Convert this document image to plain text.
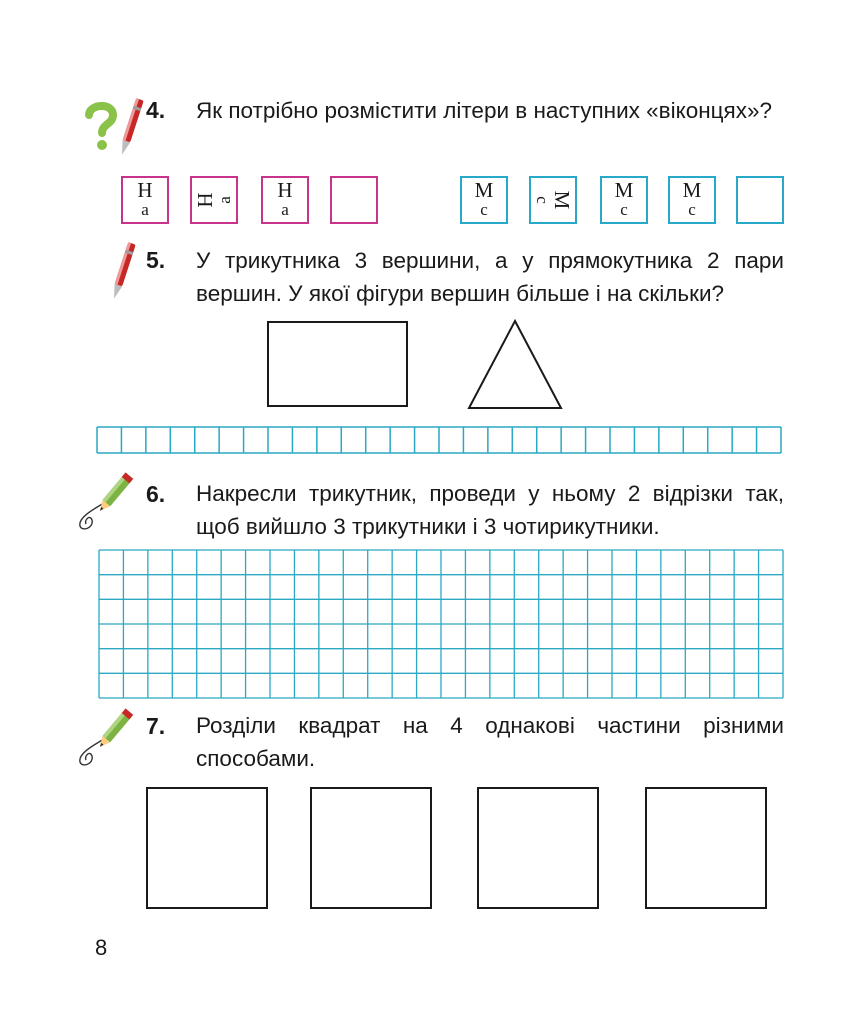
4. Як потрібно розмістити літери в наступних «віконцях»?
Н
а	Н
а	Н
а
М
с	М
с	М
с
М
с
5. У трикутника 3 вершини, а у прямокутника 2 пари вершин. У якої фігури вершин більше і на скільки?
6. Накресли трикутник, проведи у ньому 2 відрізки так, щоб вийшло 3 трикутники і 3 чотирикутники.
7. Розділи квадрат на 4 однакові частини різними способами.
8
